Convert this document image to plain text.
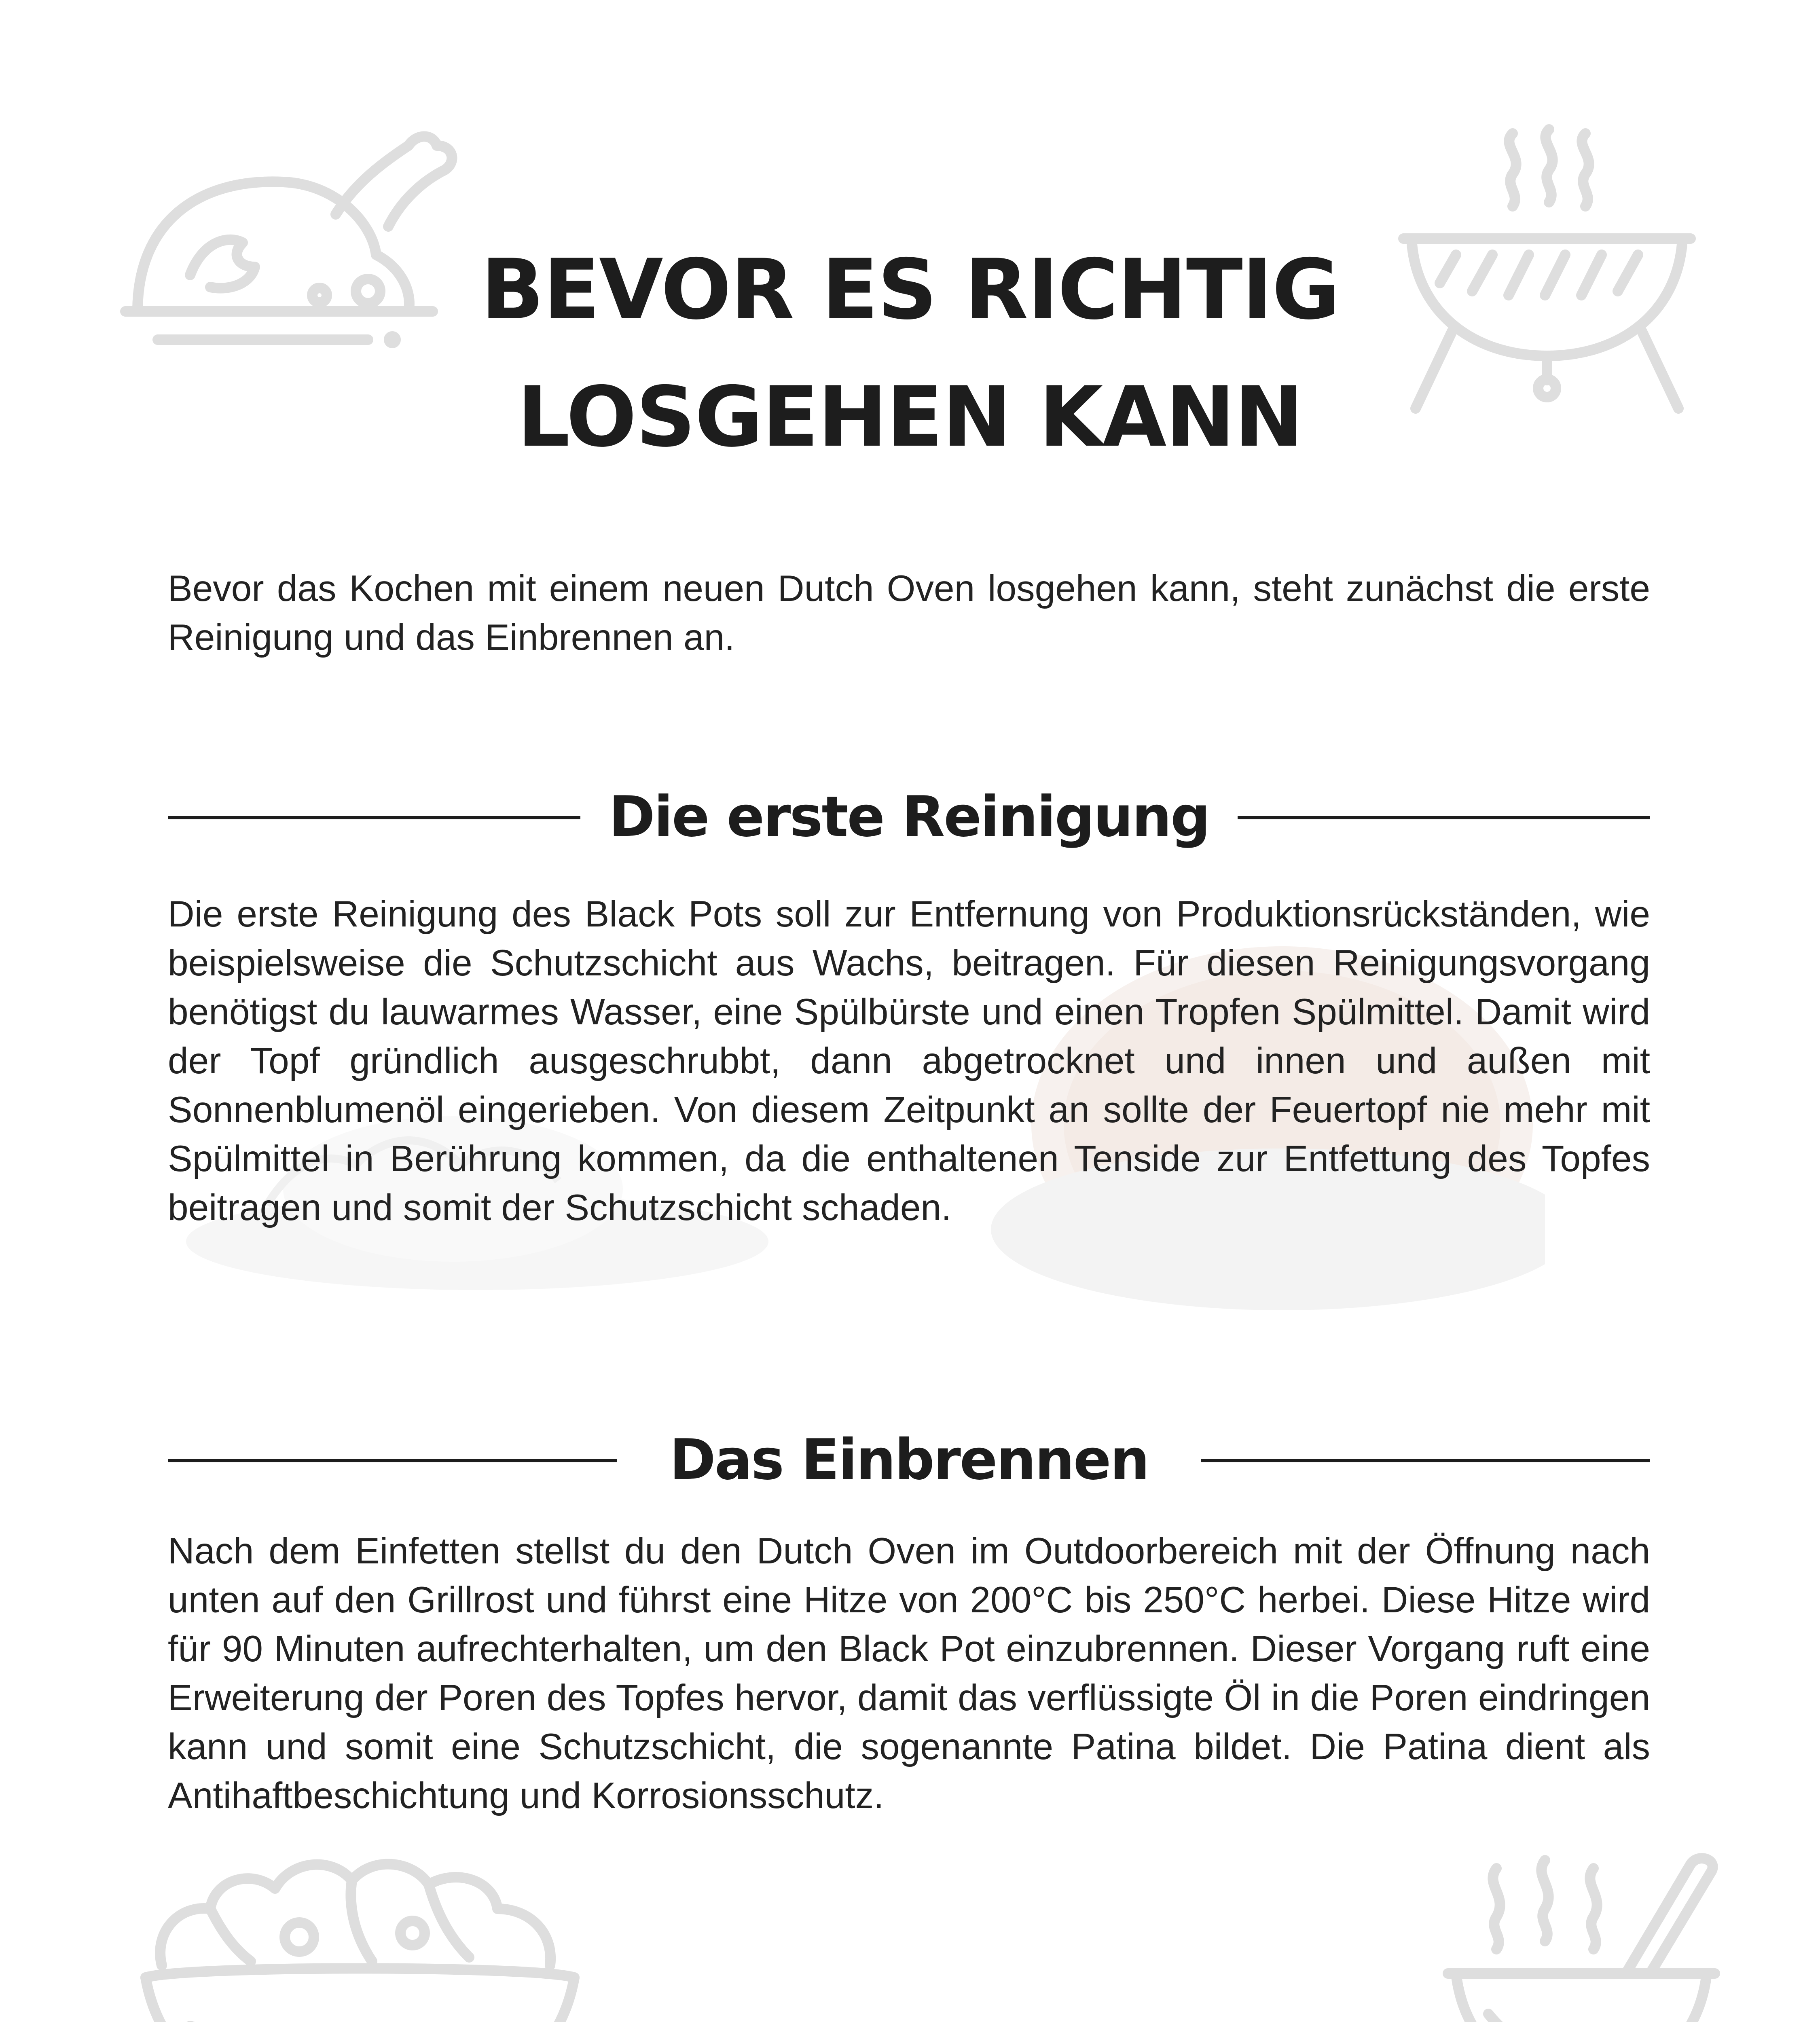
BEVOR ES RICHTIG
LOSGEHEN KANN

Bevor das Kochen mit einem neuen Dutch Oven losgehen kann, steht zunächst die erste Reinigung und das Einbrennen an.

Die erste Reinigung

Die erste Reinigung des Black Pots soll zur Entfernung von Produktionsrückständen, wie beispielsweise die Schutzschicht aus Wachs, beitragen. Für diesen Reinigungsvorgang benötigst du lauwarmes Wasser, eine Spülbürste und einen Tropfen Spülmittel. Damit wird der Topf gründlich ausgeschrubbt, dann abgetrocknet und innen und außen mit Sonnenblumenöl eingerieben. Von diesem Zeitpunkt an sollte der Feuertopf nie mehr mit Spülmittel in Berührung kommen, da die enthaltenen Tenside zur Entfettung des Topfes beitragen und somit der Schutzschicht schaden.

Das Einbrennen

Nach dem Einfetten stellst du den Dutch Oven im Outdoorbereich mit der Öffnung nach unten auf den Grillrost und führst eine Hitze von 200°C bis 250°C herbei. Diese Hitze wird für 90 Minuten aufrechterhalten, um den Black Pot einzubrennen. Dieser Vorgang ruft eine Erweiterung der Poren des Topfes hervor, damit das verflüssigte Öl in die Poren eindringen kann und somit eine Schutzschicht, die sogenannte Patina bildet. Die Patina dient als Antihaftbeschichtung und Korrosionsschutz.
